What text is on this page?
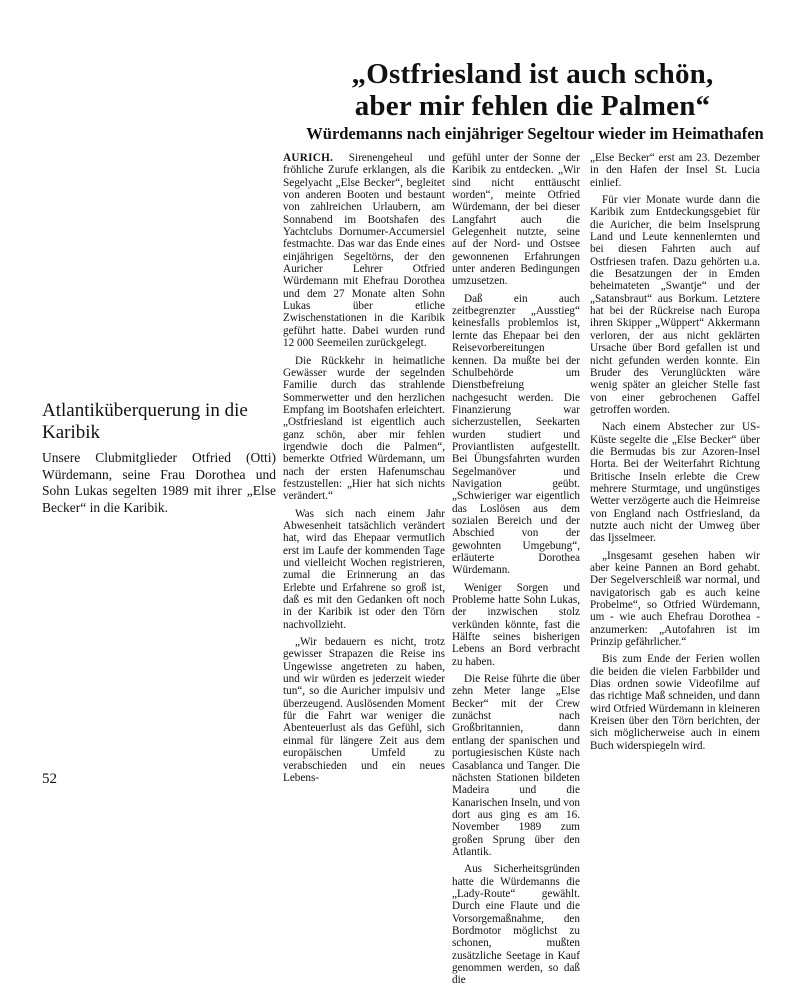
„Ostfriesland ist auch schön,
aber mir fehlen die Palmen“
Würdemanns nach einjähriger Segeltour wieder im Heimathafen

AURICH. Sirenengeheul und fröhliche Zurufe erklangen, als die Segelyacht „Else Becker“, begleitet von anderen Booten und bestaunt von zahlreichen Urlaubern, am Sonnabend im Bootshafen des Yachtclubs Dornumer-Accumersiel festmachte. Das war das Ende eines einjährigen Segeltörns, der den Auricher Lehrer Otfried Würdemann mit Ehefrau Dorothea und dem 27 Monate alten Sohn Lukas über etliche Zwischenstationen in die Karibik geführt hatte. Dabei wurden rund 12 000 Seemeilen zurückgelegt.

Die Rückkehr in heimatliche Gewässer wurde der segelnden Familie durch das strahlende Sommerwetter und den herzlichen Empfang im Bootshafen erleichtert. „Ostfriesland ist eigentlich auch ganz schön, aber mir fehlen irgendwie doch die Palmen“, bemerkte Otfried Würdemann, um nach der ersten Hafenumschau festzustellen: „Hier hat sich nichts verändert.“

Was sich nach einem Jahr Abwesenheit tatsächlich verändert hat, wird das Ehepaar vermutlich erst im Laufe der kommenden Tage und vielleicht Wochen registrieren, zumal die Erinnerung an das Erlebte und Erfahrene so groß ist, daß es mit den Gedanken oft noch in der Karibik ist oder den Törn nachvollzieht.

„Wir bedauern es nicht, trotz gewisser Strapazen die Reise ins Ungewisse angetreten zu haben, und wir würden es jederzeit wieder tun“, so die Auricher impulsiv und überzeugend. Auslösenden Moment für die Fahrt war weniger die Abenteuerlust als das Gefühl, sich einmal für längere Zeit aus dem europäischen Umfeld zu verabschieden und ein neues Lebens-

gefühl unter der Sonne der Karibik zu entdecken. „Wir sind nicht enttäuscht worden“, meinte Otfried Würdemann, der bei dieser Langfahrt auch die Gelegenheit nutzte, seine auf der Nord- und Ostsee gewonnenen Erfahrungen unter anderen Bedingungen umzusetzen.

Daß ein auch zeitbegrenzter „Ausstieg“ keinesfalls problemlos ist, lernte das Ehepaar bei den Reisevorbereitungen kennen. Da mußte bei der Schulbehörde um Dienstbefreiung nachgesucht werden. Die Finanzierung war sicherzustellen, Seekarten wurden studiert und Proviantlisten aufgestellt. Bei Übungsfahrten wurden Segelmanöver und Navigation geübt. „Schwieriger war eigentlich das Loslösen aus dem sozialen Bereich und der Abschied von der gewohnten Umgebung“, erläuterte Dorothea Würdemann.

Weniger Sorgen und Probleme hatte Sohn Lukas, der inzwischen stolz verkünden könnte, fast die Hälfte seines bisherigen Lebens an Bord verbracht zu haben.

Die Reise führte die über zehn Meter lange „Else Becker“ mit der Crew zunächst nach Großbritannien, dann entlang der spanischen und portugiesischen Küste nach Casablanca und Tanger. Die nächsten Stationen bildeten Madeira und die Kanarischen Inseln, und von dort aus ging es am 16. November 1989 zum großen Sprung über den Atlantik.

Aus Sicherheitsgründen hatte die Würdemanns die „Lady-Route“ gewählt. Durch eine Flaute und die Vorsorgemaßnahme, den Bordmotor möglichst zu schonen, mußten zusätzliche Seetage in Kauf genommen werden, so daß die

„Else Becker“ erst am 23. Dezember in den Hafen der Insel St. Lucia einlief.

Für vier Monate wurde dann die Karibik zum Entdeckungsgebiet für die Auricher, die beim Inselsprung Land und Leute kennenlernten und bei diesen Fahrten auch auf Ostfriesen trafen. Dazu gehörten u.a. die Besatzungen der in Emden beheimateten „Swantje“ und der „Satansbraut“ aus Borkum. Letztere hat bei der Rückreise nach Europa ihren Skipper „Wüppert“ Akkermann verloren, der aus nicht geklärten Ursache über Bord gefallen ist und nicht gefunden werden konnte. Ein Bruder des Verunglückten wäre wenig später an gleicher Stelle fast von einer gebrochenen Gaffel getroffen worden.

Nach einem Abstecher zur US-Küste segelte die „Else Becker“ über die Bermudas bis zur Azoren-Insel Horta. Bei der Weiterfahrt Richtung Britische Inseln erlebte die Crew mehrere Sturmtage, und ungünstiges Wetter verzögerte auch die Heimreise von England nach Ostfriesland, da nutzte auch nicht der Umweg über das Ijsselmeer.

„Insgesamt gesehen haben wir aber keine Pannen an Bord gehabt. Der Segelverschleiß war normal, und navigatorisch gab es auch keine Probelme“, so Otfried Würdemann, um - wie auch Ehefrau Dorothea - anzumerken: „Autofahren ist im Prinzip gefährlicher.“

Bis zum Ende der Ferien wollen die beiden die vielen Farbbilder und Dias ordnen sowie Videofilme auf das richtige Maß schneiden, und dann wird Otfried Würdemann in kleineren Kreisen über den Törn berichten, der sich möglicherweise auch in einem Buch widerspiegeln wird.

Atlantiküberquerung in die Karibik

Unsere Clubmitglieder Otfried (Otti) Würdemann, seine Frau Dorothea und Sohn Lukas segelten 1989 mit ihrer „Else Becker“ in die Karibik.

52
